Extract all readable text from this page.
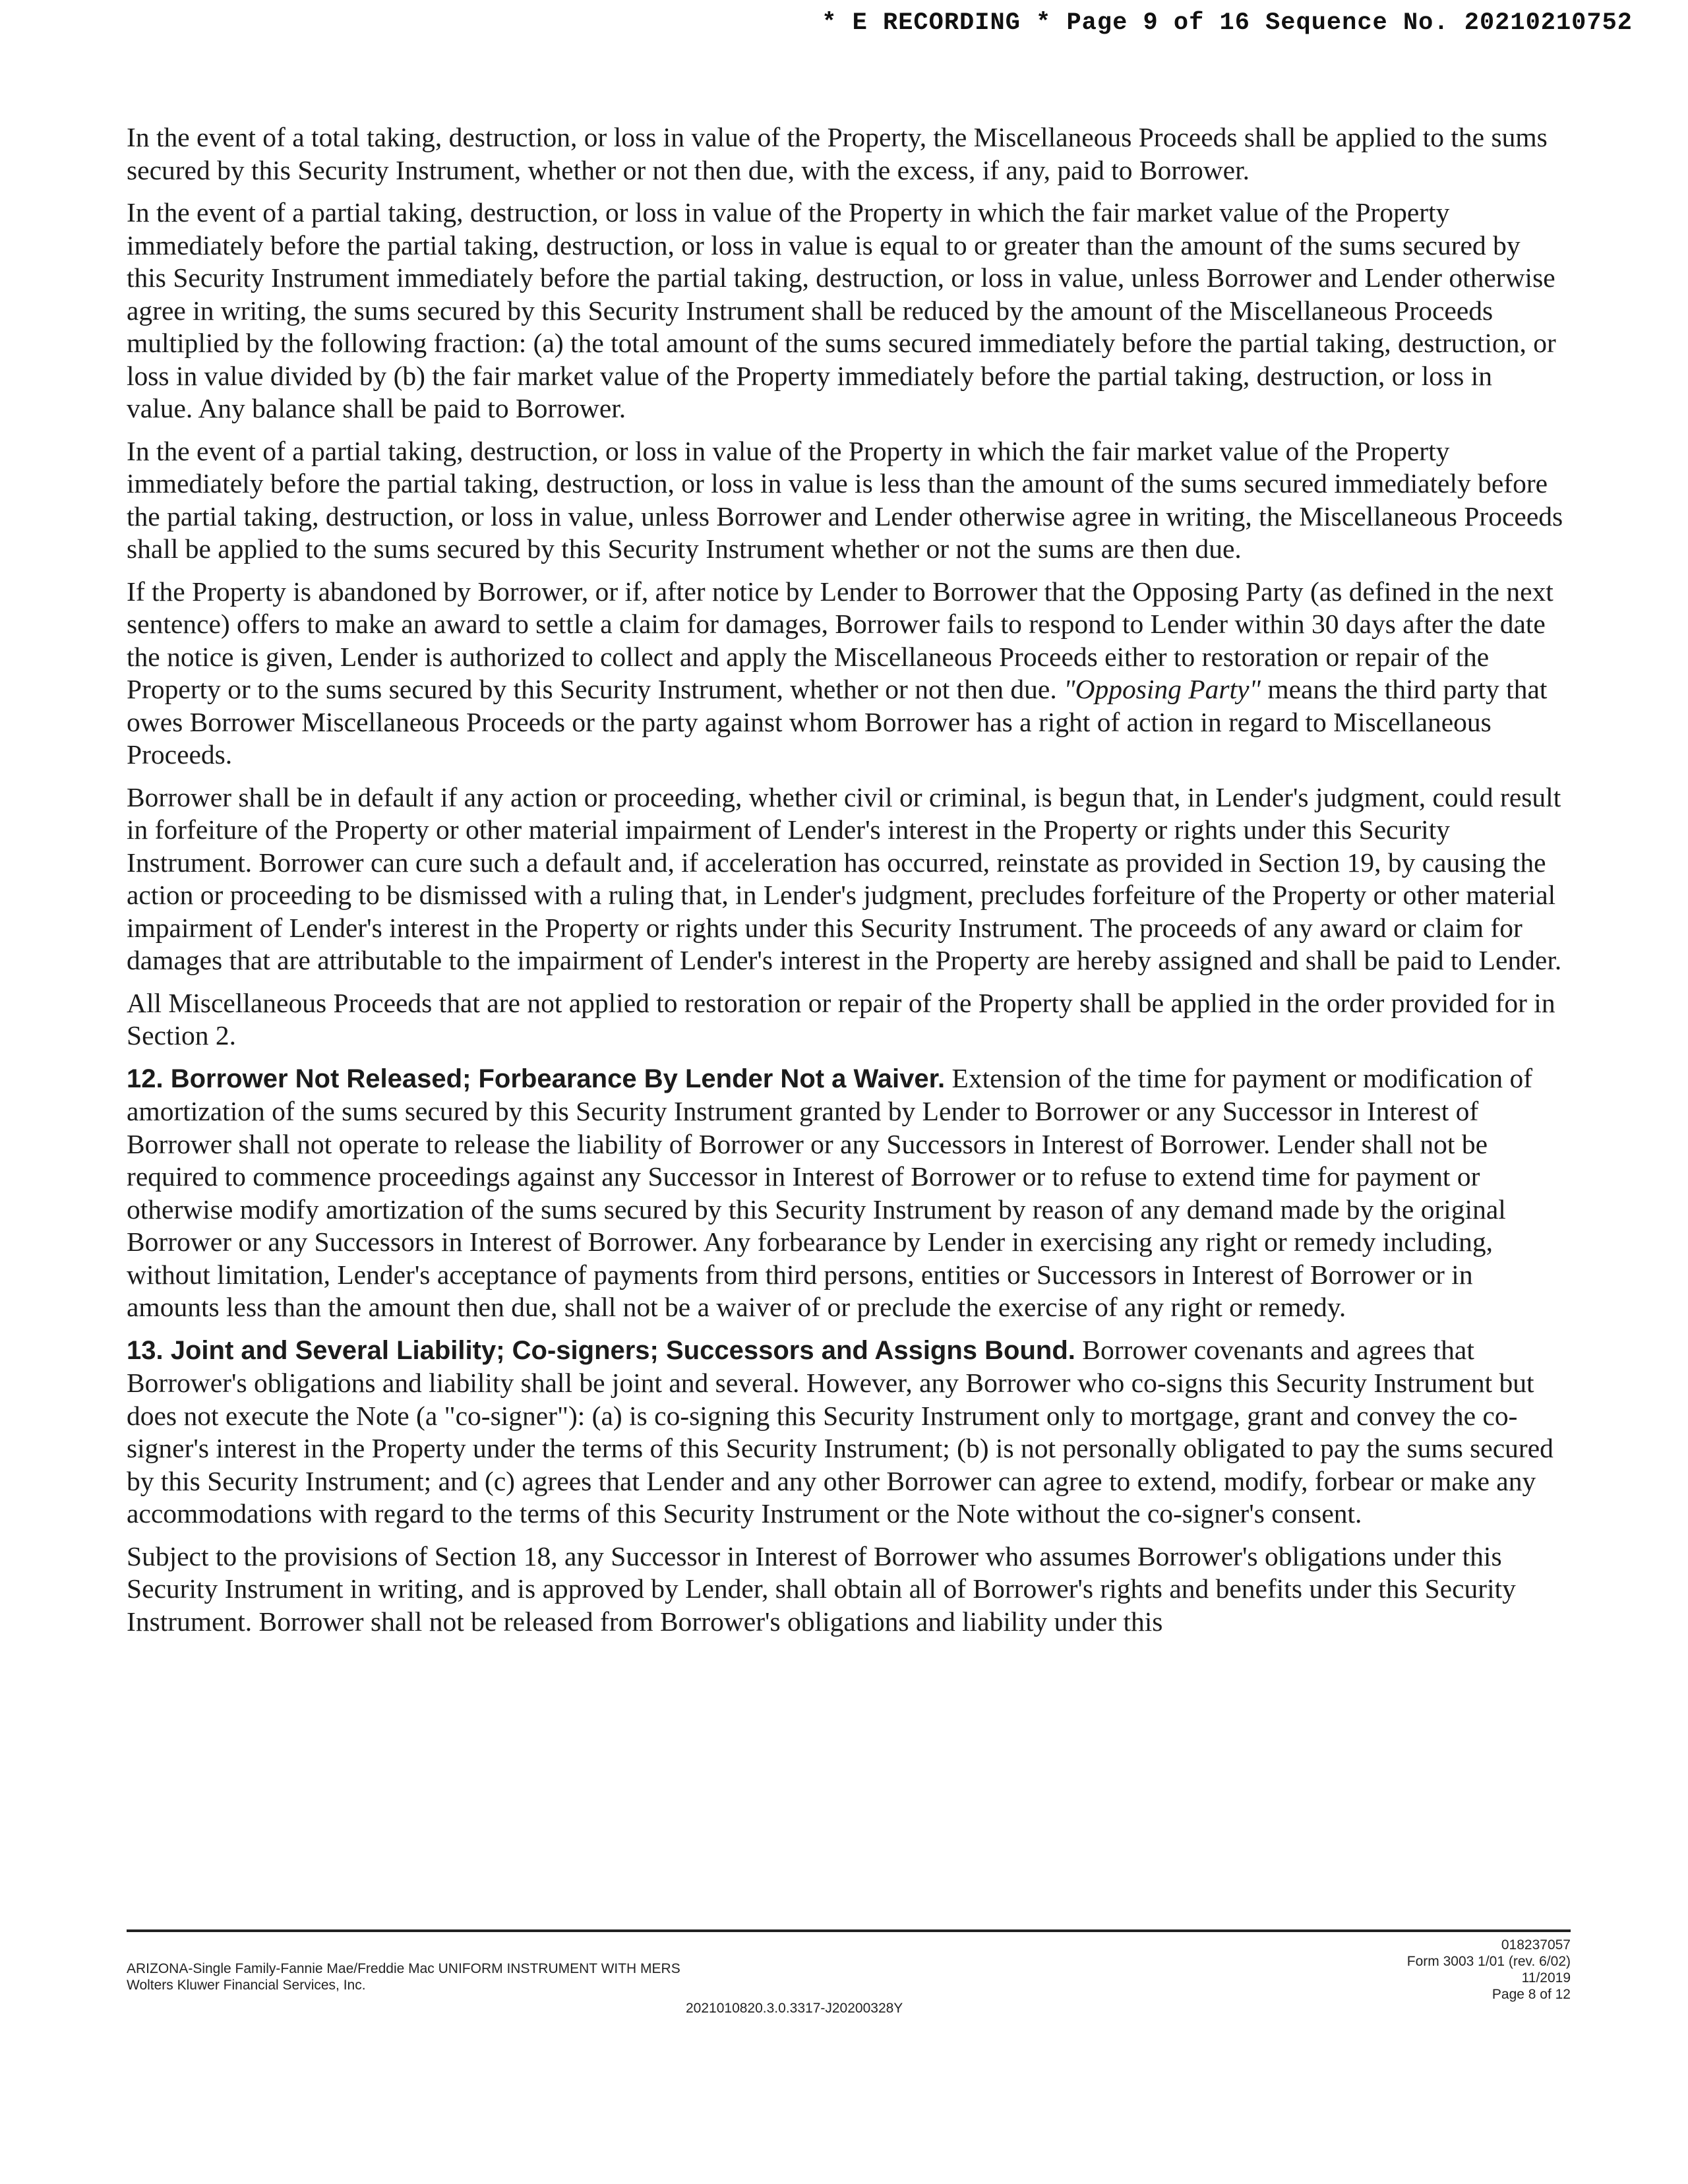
* E RECORDING * Page 9 of 16 Sequence No. 20210210752

In the event of a total taking, destruction, or loss in value of the Property, the Miscellaneous Proceeds shall be applied to the sums secured by this Security Instrument, whether or not then due, with the excess, if any, paid to Borrower.

In the event of a partial taking, destruction, or loss in value of the Property in which the fair market value of the Property immediately before the partial taking, destruction, or loss in value is equal to or greater than the amount of the sums secured by this Security Instrument immediately before the partial taking, destruction, or loss in value, unless Borrower and Lender otherwise agree in writing, the sums secured by this Security Instrument shall be reduced by the amount of the Miscellaneous Proceeds multiplied by the following fraction: (a) the total amount of the sums secured immediately before the partial taking, destruction, or loss in value divided by (b) the fair market value of the Property immediately before the partial taking, destruction, or loss in value. Any balance shall be paid to Borrower.

In the event of a partial taking, destruction, or loss in value of the Property in which the fair market value of the Property immediately before the partial taking, destruction, or loss in value is less than the amount of the sums secured immediately before the partial taking, destruction, or loss in value, unless Borrower and Lender otherwise agree in writing, the Miscellaneous Proceeds shall be applied to the sums secured by this Security Instrument whether or not the sums are then due.

If the Property is abandoned by Borrower, or if, after notice by Lender to Borrower that the Opposing Party (as defined in the next sentence) offers to make an award to settle a claim for damages, Borrower fails to respond to Lender within 30 days after the date the notice is given, Lender is authorized to collect and apply the Miscellaneous Proceeds either to restoration or repair of the Property or to the sums secured by this Security Instrument, whether or not then due. "Opposing Party" means the third party that owes Borrower Miscellaneous Proceeds or the party against whom Borrower has a right of action in regard to Miscellaneous Proceeds.

Borrower shall be in default if any action or proceeding, whether civil or criminal, is begun that, in Lender's judgment, could result in forfeiture of the Property or other material impairment of Lender's interest in the Property or rights under this Security Instrument. Borrower can cure such a default and, if acceleration has occurred, reinstate as provided in Section 19, by causing the action or proceeding to be dismissed with a ruling that, in Lender's judgment, precludes forfeiture of the Property or other material impairment of Lender's interest in the Property or rights under this Security Instrument. The proceeds of any award or claim for damages that are attributable to the impairment of Lender's interest in the Property are hereby assigned and shall be paid to Lender.

All Miscellaneous Proceeds that are not applied to restoration or repair of the Property shall be applied in the order provided for in Section 2.

12. Borrower Not Released; Forbearance By Lender Not a Waiver. Extension of the time for payment or modification of amortization of the sums secured by this Security Instrument granted by Lender to Borrower or any Successor in Interest of Borrower shall not operate to release the liability of Borrower or any Successors in Interest of Borrower. Lender shall not be required to commence proceedings against any Successor in Interest of Borrower or to refuse to extend time for payment or otherwise modify amortization of the sums secured by this Security Instrument by reason of any demand made by the original Borrower or any Successors in Interest of Borrower. Any forbearance by Lender in exercising any right or remedy including, without limitation, Lender's acceptance of payments from third persons, entities or Successors in Interest of Borrower or in amounts less than the amount then due, shall not be a waiver of or preclude the exercise of any right or remedy.

13. Joint and Several Liability; Co-signers; Successors and Assigns Bound. Borrower covenants and agrees that Borrower's obligations and liability shall be joint and several. However, any Borrower who co-signs this Security Instrument but does not execute the Note (a "co-signer"): (a) is co-signing this Security Instrument only to mortgage, grant and convey the co-signer's interest in the Property under the terms of this Security Instrument; (b) is not personally obligated to pay the sums secured by this Security Instrument; and (c) agrees that Lender and any other Borrower can agree to extend, modify, forbear or make any accommodations with regard to the terms of this Security Instrument or the Note without the co-signer's consent.

Subject to the provisions of Section 18, any Successor in Interest of Borrower who assumes Borrower's obligations under this Security Instrument in writing, and is approved by Lender, shall obtain all of Borrower's rights and benefits under this Security Instrument. Borrower shall not be released from Borrower's obligations and liability under this

ARIZONA-Single Family-Fannie Mae/Freddie Mac UNIFORM INSTRUMENT WITH MERS
Wolters Kluwer Financial Services, Inc.
2021010820.3.0.3317-J20200328Y
018237057
Form 3003 1/01 (rev. 6/02)
11/2019
Page 8 of 12
